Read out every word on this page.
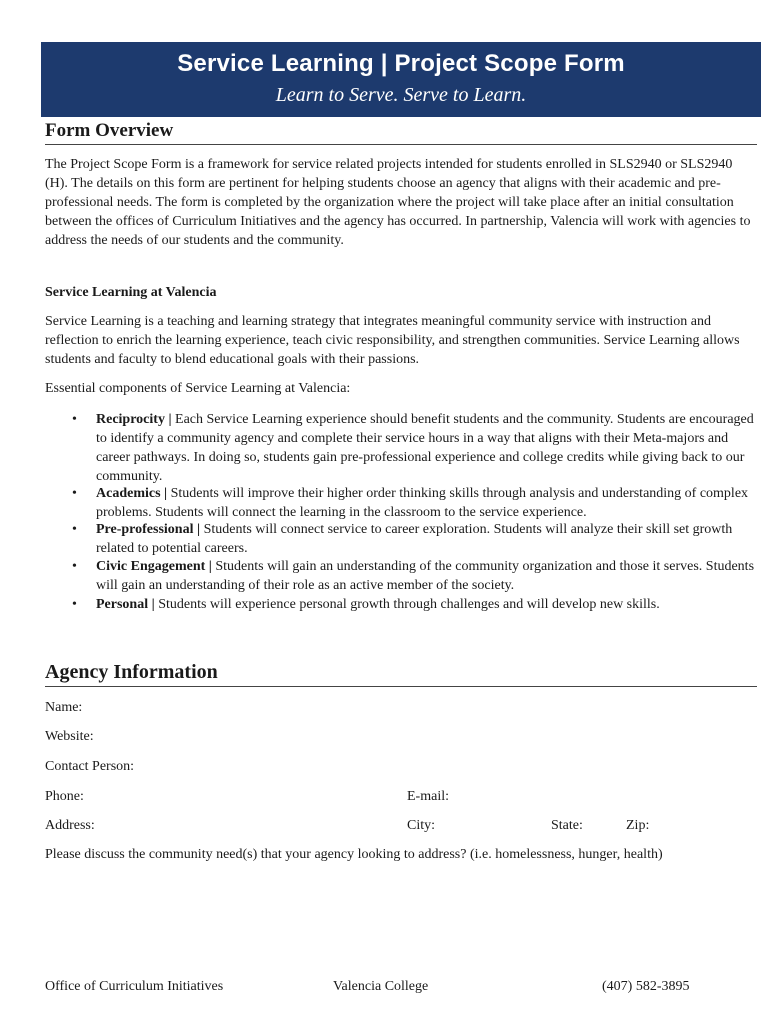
Service Learning | Project Scope Form
Learn to Serve. Serve to Learn.
Form Overview

The Project Scope Form is a framework for service related projects intended for students enrolled in SLS2940 or SLS2940 (H). The details on this form are pertinent for helping students choose an agency that aligns with their academic and pre-professional needs. The form is completed by the organization where the project will take place after an initial consultation between the offices of Curriculum Initiatives and the agency has occurred. In partnership, Valencia will work with agencies to address the needs of our students and the community.

Service Learning at Valencia

Service Learning is a teaching and learning strategy that integrates meaningful community service with instruction and reflection to enrich the learning experience, teach civic responsibility, and strengthen communities. Service Learning allows students and faculty to blend educational goals with their passions.

Essential components of Service Learning at Valencia:

• Reciprocity | Each Service Learning experience should benefit students and the community. Students are encouraged to identify a community agency and complete their service hours in a way that aligns with their Meta-majors and career pathways. In doing so, students gain pre-professional experience and college credits while giving back to our community.
• Academics | Students will improve their higher order thinking skills through analysis and understanding of complex problems. Students will connect the learning in the classroom to the service experience.
• Pre-professional | Students will connect service to career exploration. Students will analyze their skill set growth related to potential careers.
• Civic Engagement | Students will gain an understanding of the community organization and those it serves. Students will gain an understanding of their role as an active member of the society.
• Personal | Students will experience personal growth through challenges and will develop new skills.
Agency Information
Name:
Website:
Contact Person:
Phone:	E-mail:
Address:	City:	State:	Zip:
Please discuss the community need(s) that your agency looking to address? (i.e. homelessness, hunger, health)
Office of Curriculum Initiatives	Valencia College	(407) 582-3895
